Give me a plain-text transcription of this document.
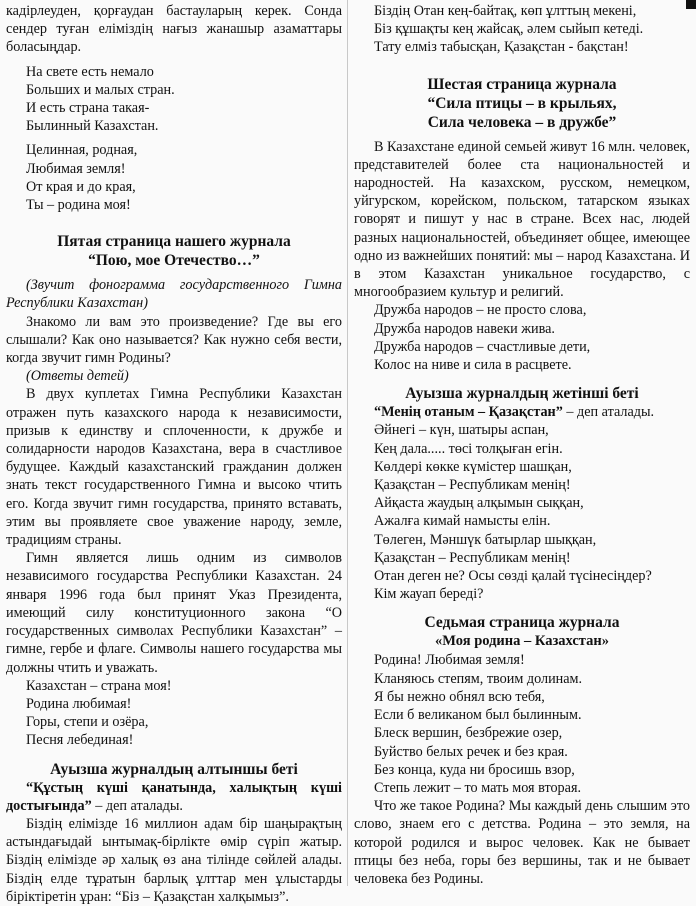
кадірлеуден, қорғаудан бастауларың керек. Сонда сендер туған еліміздің нағыз жанашыр азаматтары боласыңдар.

На свете есть немало

Больших и малых стран.

И есть страна такая-

Былинный Казахстан.

Целинная, родная,

Любимая земля!

От края и до края,

Ты – родина моя!

Пятая страница нашего журнала
“Пою, мое Отечество…”

(Звучит фонограмма государственного Гимна Республики Казахстан)

Знакомо ли вам это произведение? Где вы его слышали? Как оно называется? Как нужно себя вести, когда звучит гимн Родины?

(Ответы детей)

В двух куплетах Гимна Республики Казахстан отражен путь казахского народа к независимости, призыв к единству и сплоченности, к дружбе и солидарности народов Казахстана, вера в счастливое будущее. Каждый казахстанский гражданин должен знать текст государственного Гимна и высоко чтить его. Когда звучит гимн государства, принято вставать, этим вы проявляете свое уважение народу, земле, традициям страны.

Гимн является лишь одним из символов независимого государства Республики Казахстан. 24 января 1996 года был принят Указ Президента, имеющий силу конституционного закона “О государственных символах Республики Казахстан” – гимне, гербе и флаге. Символы нашего государства мы должны чтить и уважать.

Казахстан – страна моя!

Родина любимая!

Горы, степи и озёра,

Песня лебединая!

Ауызша журналдың алтыншы беті

“Құстың күші қанатында, халықтың күші достығында” – деп аталады.

Біздің елімізде 16 миллион адам бір шаңырақтың астындағыдай ынтымақ-бірлікте өмір сүріп жатыр. Біздің елімізде әр халық өз ана тілінде сөйлей алады. Біздің елде тұратын барлық ұлттар мен ұлыстарды біріктіретін ұран: “Біз – Қазақстан халқымыз”.

Біздің Отан кең-байтақ, көп ұлттың мекені,

Біз құшақты кең жайсақ, әлем сыйып кетеді.

Тату елміз табысқан, Қазақстан - бақстан!

Шестая страница журнала
“Сила птицы – в крыльях,
Сила человека – в дружбе”

В Казахстане единой семьей живут 16 млн. человек, представителей более ста национальностей и народностей. На казахском, русском, немецком, уйгурском, корейском, польском, татарском языках говорят и пишут у нас в стране. Всех нас, людей разных национальностей, объединяет общее, имеющее одно из важнейших понятий: мы – народ Казахстана. И в этом Казахстан уникальное государство, с многообразием культур и религий.

Дружба народов – не просто слова,

Дружба народов навеки жива.

Дружба народов – счастливые дети,

Колос на ниве и сила в расцвете.

Ауызша журналдың жетінші беті

“Менің отаным – Қазақстан” – деп аталады.

Әйнегі – күн, шатыры аспан,

Кең дала..... төсі толқыған егін.

Көлдері көкке күмістер шашқан,

Қазақстан – Республикам менің!

Айқаста жаудың алқымын сыққан,

Ажалға кимай намысты елін.

Төлеген, Мәншүк батырлар шыққан,

Қазақстан – Республикам менің!

Отан деген не? Осы сөзді қалай түсінесіңдер?

Кім жауап береді?

Седьмая страница журнала
«Моя родина – Казахстан»

Родина! Любимая земля!

Кланяюсь степям, твоим долинам.

Я бы нежно обнял всю тебя,

Если б великаном был былинным.

Блеск вершин, безбрежие озер,

Буйство белых речек и без края.

Без конца, куда ни бросишь взор,

Степь лежит – то мать моя вторая.

Что же такое Родина? Мы каждый день слышим это слово, знаем его с детства. Родина – это земля, на которой родился и вырос человек. Как не бывает птицы без неба, горы без вершины, так и не бывает человека без Родины.
